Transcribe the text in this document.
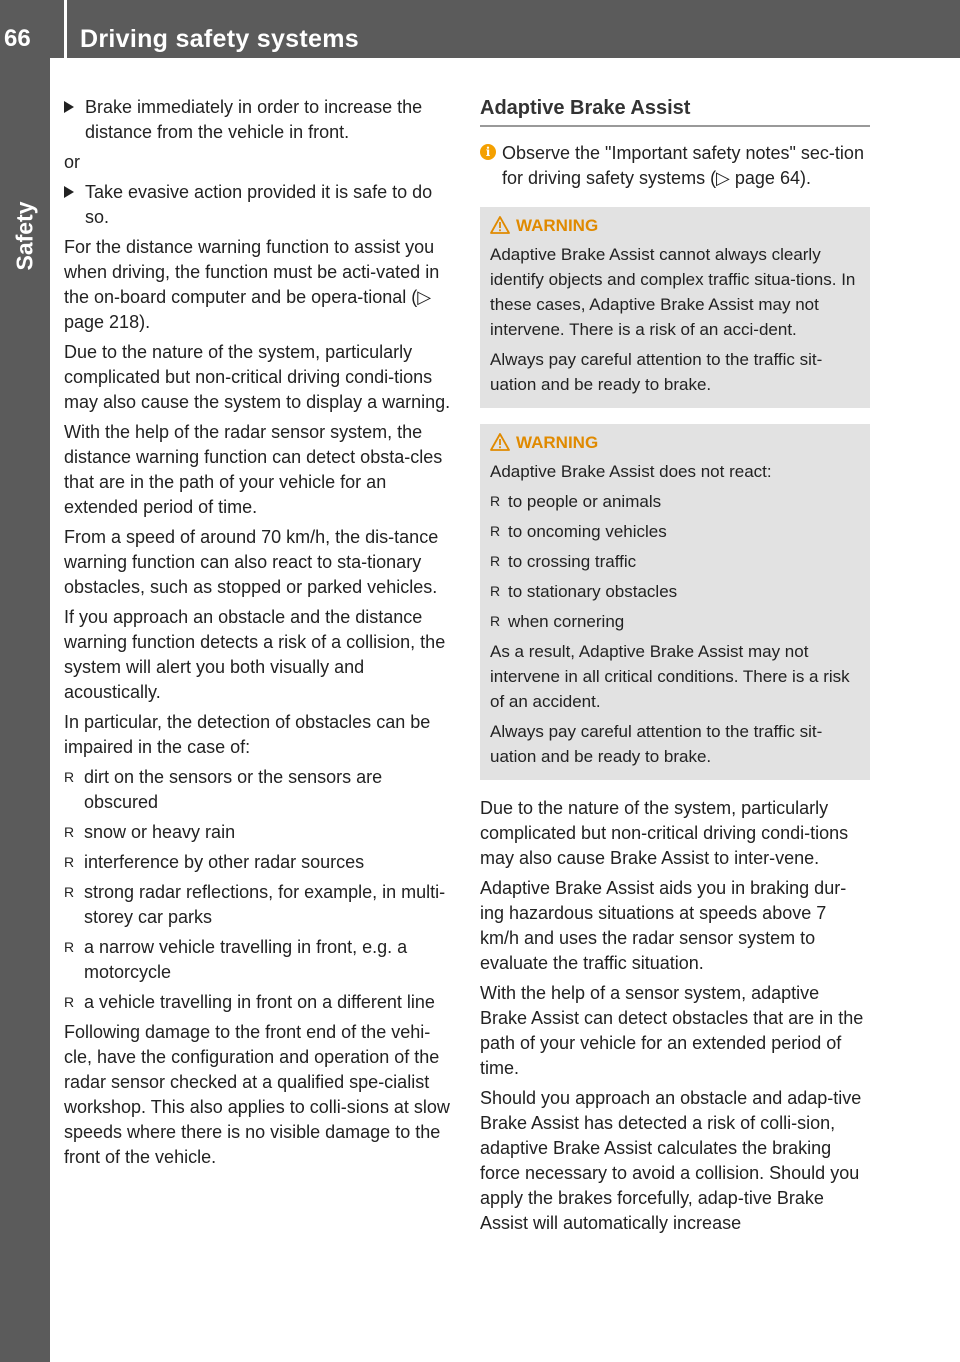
66	Driving safety systems
Safety
Brake immediately in order to increase the distance from the vehicle in front.

or

Take evasive action provided it is safe to do so.

For the distance warning function to assist you when driving, the function must be acti-vated in the on-board computer and be opera-tional (▷ page 218).

Due to the nature of the system, particularly complicated but non-critical driving condi-tions may also cause the system to display a warning.

With the help of the radar sensor system, the distance warning function can detect obsta-cles that are in the path of your vehicle for an extended period of time.

From a speed of around 70 km/h, the dis-tance warning function can also react to sta-tionary obstacles, such as stopped or parked vehicles.

If you approach an obstacle and the distance warning function detects a risk of a collision, the system will alert you both visually and acoustically.

In particular, the detection of obstacles can be impaired in the case of:

R dirt on the sensors or the sensors are obscured
R snow or heavy rain
R interference by other radar sources
R strong radar reflections, for example, in multi-storey car parks
R a narrow vehicle travelling in front, e.g. a motorcycle
R a vehicle travelling in front on a different line

Following damage to the front end of the vehi-cle, have the configuration and operation of the radar sensor checked at a qualified spe-cialist workshop. This also applies to colli-sions at slow speeds where there is no visible damage to the front of the vehicle.

Adaptive Brake Assist
i Observe the "Important safety notes" sec-tion for driving safety systems (▷ page 64).
WARNING

Adaptive Brake Assist cannot always clearly identify objects and complex traffic situa-tions. In these cases, Adaptive Brake Assist may not intervene. There is a risk of an acci-dent.

Always pay careful attention to the traffic sit-uation and be ready to brake.

WARNING

Adaptive Brake Assist does not react:

R to people or animals
R to oncoming vehicles
R to crossing traffic
R to stationary obstacles
R when cornering

As a result, Adaptive Brake Assist may not intervene in all critical conditions. There is a risk of an accident.

Always pay careful attention to the traffic sit-uation and be ready to brake.

Due to the nature of the system, particularly complicated but non-critical driving condi-tions may also cause Brake Assist to inter-vene.

Adaptive Brake Assist aids you in braking dur-ing hazardous situations at speeds above 7 km/h and uses the radar sensor system to evaluate the traffic situation.

With the help of a sensor system, adaptive Brake Assist can detect obstacles that are in the path of your vehicle for an extended period of time.

Should you approach an obstacle and adap-tive Brake Assist has detected a risk of colli-sion, adaptive Brake Assist calculates the braking force necessary to avoid a collision. Should you apply the brakes forcefully, adap-tive Brake Assist will automatically increase
